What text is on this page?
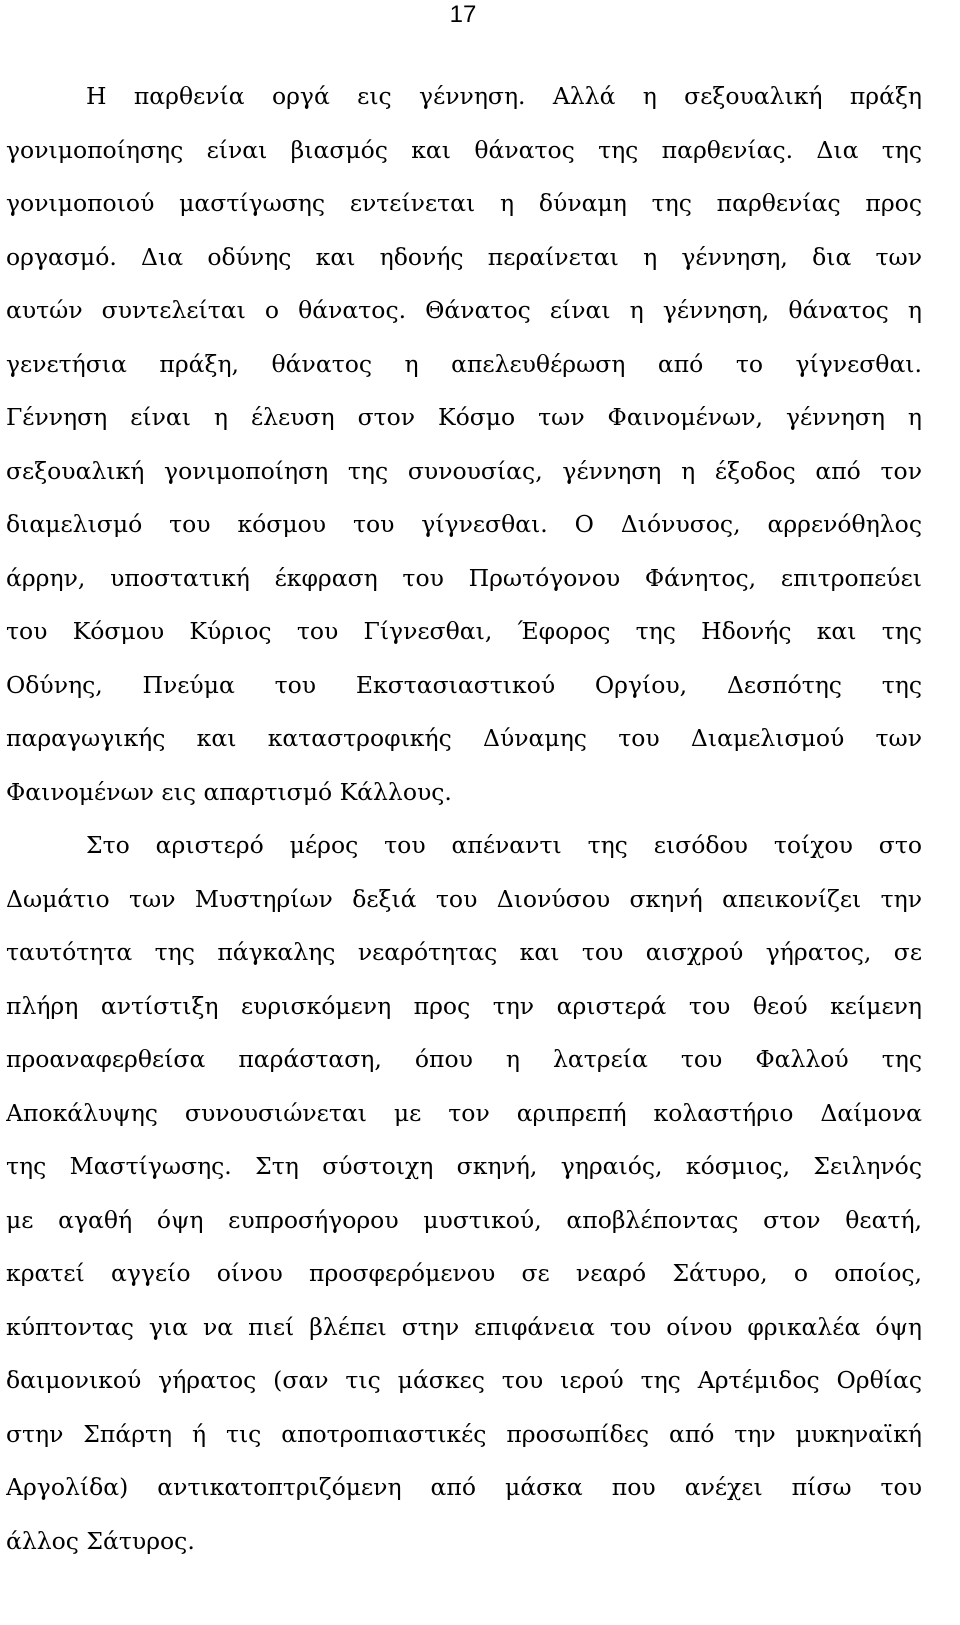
17
Η παρθενία οργά εις γέννηση. Αλλά η σεξουαλική πράξη
γονιμοποίησης είναι βιασμός και θάνατος της παρθενίας. Δια της
γονιμοποιού μαστίγωσης εντείνεται η δύναμη της παρθενίας προς
οργασμό. Δια οδύνης και ηδονής περαίνεται η γέννηση, δια των
αυτών συντελείται ο θάνατος. Θάνατος είναι η γέννηση, θάνατος η
γενετήσια πράξη, θάνατος η απελευθέρωση από το γίγνεσθαι.
Γέννηση είναι η έλευση στον Κόσμο των Φαινομένων, γέννηση η
σεξουαλική γονιμοποίηση της συνουσίας, γέννηση η έξοδος από τον
διαμελισμό του κόσμου του γίγνεσθαι. Ο Διόνυσος, αρρενόθηλος
άρρην, υποστατική έκφραση του Πρωτόγονου Φάνητος, επιτροπεύει
του Κόσμου Κύριος του Γίγνεσθαι, Έφορος της Ηδονής και της
Οδύνης, Πνεύμα του Εκστασιαστικού Οργίου, Δεσπότης της
παραγωγικής και καταστροφικής Δύναμης του Διαμελισμού των
Φαινομένων εις απαρτισμό Κάλλους.
Στο αριστερό μέρος του απέναντι της εισόδου τοίχου στο
Δωμάτιο των Μυστηρίων δεξιά του Διονύσου σκηνή απεικονίζει την
ταυτότητα της πάγκαλης νεαρότητας και του αισχρού γήρατος, σε
πλήρη αντίστιξη ευρισκόμενη προς την αριστερά του θεού κείμενη
προαναφερθείσα παράσταση, όπου η λατρεία του Φαλλού της
Αποκάλυψης συνουσιώνεται με τον αριπρεπή κολαστήριο Δαίμονα
της Μαστίγωσης. Στη σύστοιχη σκηνή, γηραιός, κόσμιος, Σειληνός
με αγαθή όψη ευπροσήγορου μυστικού, αποβλέποντας στον θεατή,
κρατεί αγγείο οίνου προσφερόμενου σε νεαρό Σάτυρο, ο οποίος,
κύπτοντας για να πιεί βλέπει στην επιφάνεια του οίνου φρικαλέα όψη
δαιμονικού γήρατος (σαν τις μάσκες του ιερού της Αρτέμιδος Ορθίας
στην Σπάρτη ή τις αποτροπιαστικές προσωπίδες από την μυκηναϊκή
Αργολίδα) αντικατοπτριζόμενη από μάσκα που ανέχει πίσω του
άλλος Σάτυρος.
